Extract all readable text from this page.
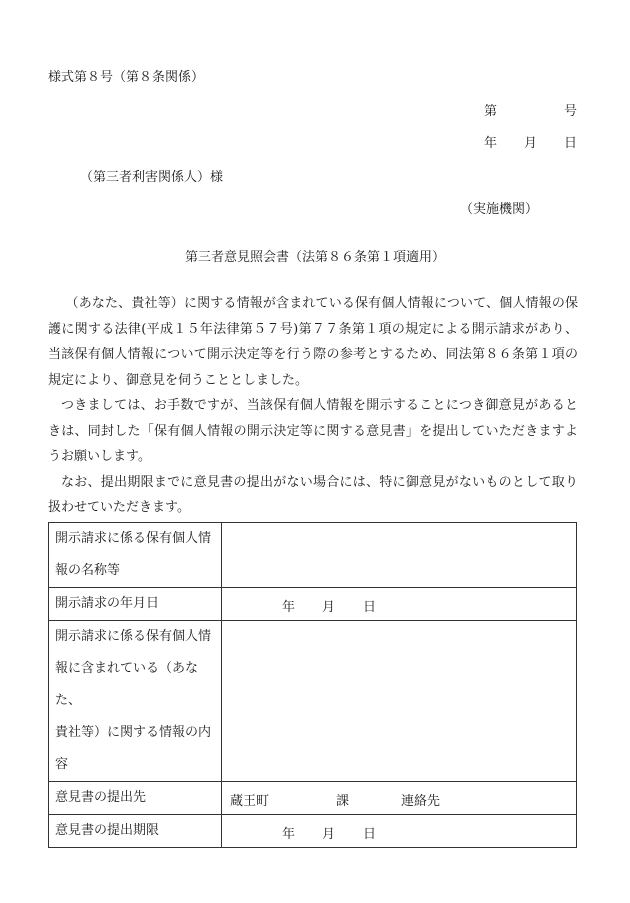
様式第８号（第８条関係）
第	号
年 月 日
（第三者利害関係人）様
（実施機関）
第三者意見照会書（法第８６条第１項適用）

（あなた、貴社等）に関する情報が含まれている保有個人情報について、個人情報の保護に関する法律(平成１５年法律第５７号)第７７条第１項の規定による開示請求があり、当該保有個人情報について開示決定等を行う際の参考とするため、同法第８６条第１項の規定により、御意見を伺うこととしました。

つきましては、お手数ですが、当該保有個人情報を開示することにつき御意見があるときは、同封した「保有個人情報の開示決定等に関する意見書」を提出していただきますようお願いします。

なお、提出期限までに意見書の提出がない場合には、特に御意見がないものとして取り扱わせていただきます。

開示請求に係る保有個人情
報の名称等	

開示請求の年月日	年 月 日

開示請求に係る保有個人情
報に含まれている（あなた、
貴社等）に関する情報の内
容	

意見書の提出先	蔵王町 課 連絡先

意見書の提出期限	年 月 日
